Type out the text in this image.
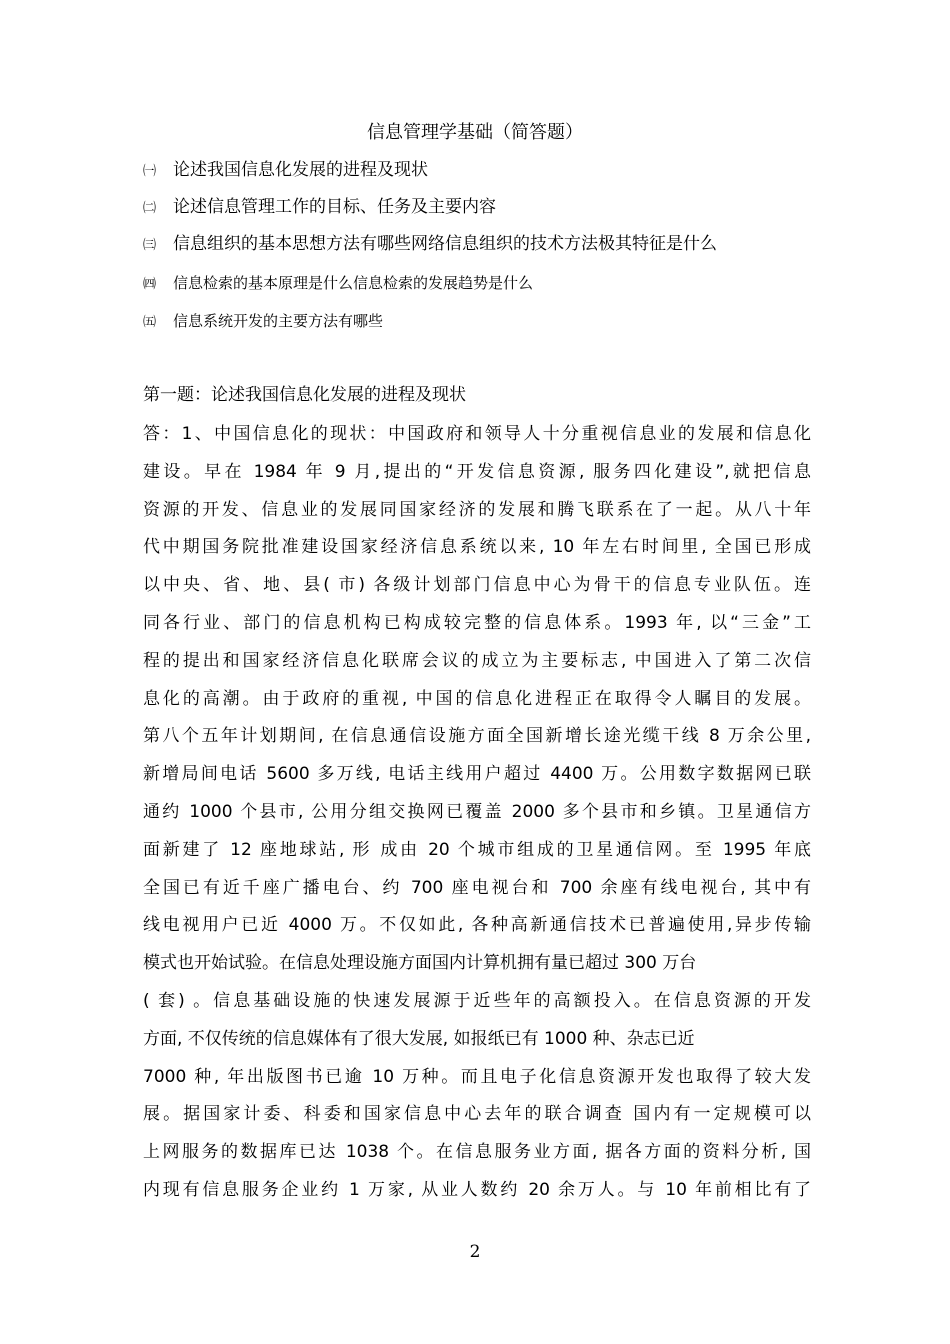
信息管理学基础（简答题）
㈠ 论述我国信息化发展的进程及现状
㈡ 论述信息管理工作的目标、任务及主要内容
㈢ 信息组织的基本思想方法有哪些网络信息组织的技术方法极其特征是什么
㈣ 信息检索的基本原理是什么信息检索的发展趋势是什么
㈤ 信息系统开发的主要方法有哪些
第一题：论述我国信息化发展的进程及现状
答：1、中国信息化的现状：中国政府和领导人十分重视信息业的发展和信息化
建设。早在 1984 年 9 月,提出的“开发信息资源, 服务四化建设”,就把信息
资源的开发、信息业的发展同国家经济的发展和腾飞联系在了一起。从八十年
代中期国务院批准建设国家经济信息系统以来, 10 年左右时间里, 全国已形成
以中央、省、地、县( 市) 各级计划部门信息中心为骨干的信息专业队伍。连
同各行业、部门的信息机构已构成较完整的信息体系。1993 年, 以“三金”工
程的提出和国家经济信息化联席会议的成立为主要标志, 中国进入了第二次信
息化的高潮。由于政府的重视, 中国的信息化进程正在取得令人瞩目的发展。
第八个五年计划期间, 在信息通信设施方面全国新增长途光缆干线 8 万余公里,
新增局间电话 5600 多万线, 电话主线用户超过 4400 万。公用数字数据网已联
通约 1000 个县市, 公用分组交换网已覆盖 2000 多个县市和乡镇。卫星通信方
面新建了 12 座地球站, 形 成由 20 个城市组成的卫星通信网。至 1995 年底
全国已有近千座广播电台、约 700 座电视台和 700 余座有线电视台, 其中有
线电视用户已近 4000 万。不仅如此, 各种高新通信技术已普遍使用,异步传输
模式也开始试验。在信息处理设施方面国内计算机拥有量已超过 300 万台
( 套) 。信息基础设施的快速发展源于近些年的高额投入。在信息资源的开发
方面, 不仅传统的信息媒体有了很大发展, 如报纸已有 1000 种、杂志已近
7000 种, 年出版图书已逾 10 万种。而且电子化信息资源开发也取得了较大发
展。据国家计委、科委和国家信息中心去年的联合调查 国内有一定规模可以
上网服务的数据库已达 1038 个。在信息服务业方面, 据各方面的资料分析, 国
内现有信息服务企业约 1 万家, 从业人数约 20 余万人。与 10 年前相比有了
2
